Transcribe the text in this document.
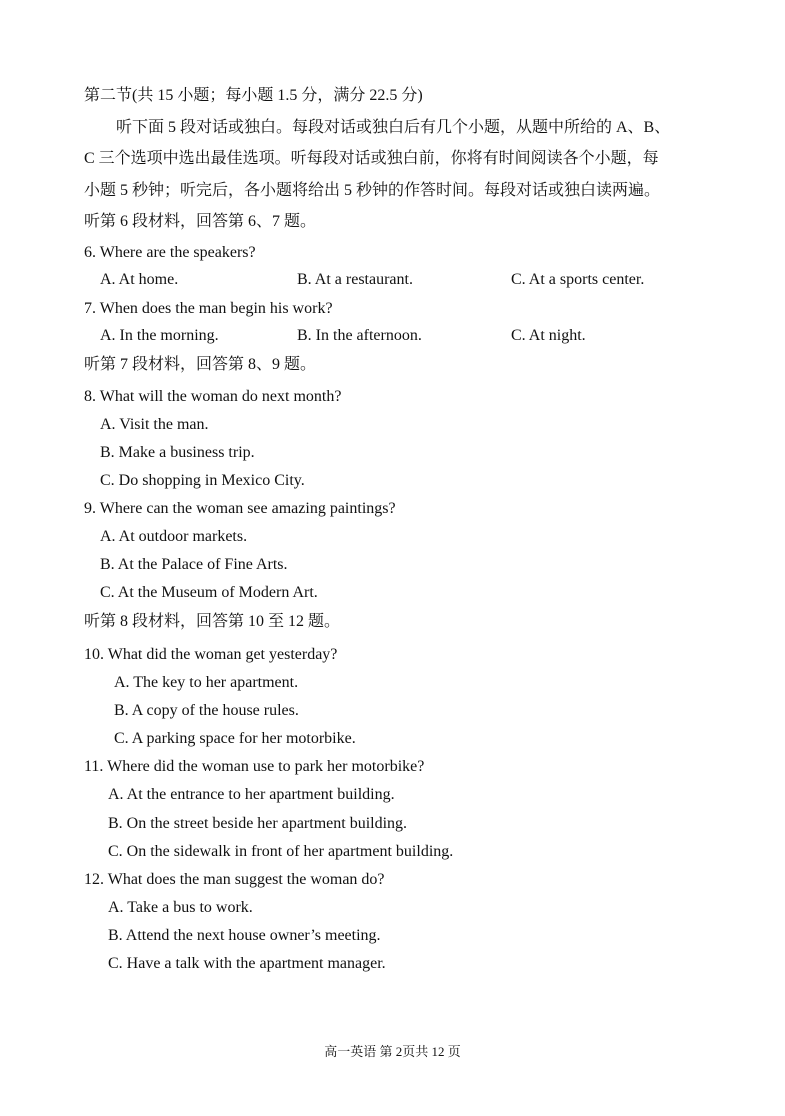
第二节(共 15 小题；每小题 1.5 分，满分 22.5 分)
听下面 5 段对话或独白。每段对话或独白后有几个小题，从题中所给的 A、B、
C 三个选项中选出最佳选项。听每段对话或独白前，你将有时间阅读各个小题，每
小题 5 秒钟；听完后，各小题将给出 5 秒钟的作答时间。每段对话或独白读两遍。
听第 6 段材料，回答第 6、7 题。
6. Where are the speakers?
A. At home.	B. At a restaurant.	C. At a sports center.
7. When does the man begin his work?
A. In the morning.	B. In the afternoon.	C. At night.
听第 7 段材料，回答第 8、9 题。
8. What will the woman do next month?
A. Visit the man.
B. Make a business trip.
C. Do shopping in Mexico City.
9. Where can the woman see amazing paintings?
A. At outdoor markets.
B. At the Palace of Fine Arts.
C. At the Museum of Modern Art.
听第 8 段材料，回答第 10 至 12 题。
10. What did the woman get yesterday?
A. The key to her apartment.
B. A copy of the house rules.
C. A parking space for her motorbike.
11. Where did the woman use to park her motorbike?
A. At the entrance to her apartment building.
B. On the street beside her apartment building.
C. On the sidewalk in front of her apartment building.
12. What does the man suggest the woman do?
A. Take a bus to work.
B. Attend the next house owner’s meeting.
C. Have a talk with the apartment manager.
高一英语 第 2页共 12 页
